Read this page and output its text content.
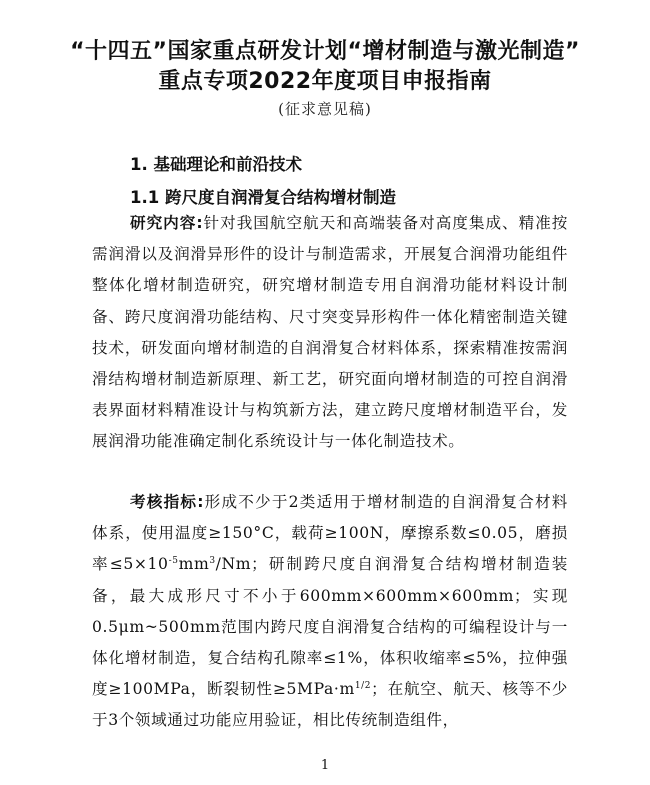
“十四五”国家重点研发计划“增材制造与激光制造”
重点专项2022年度项目申报指南
(征求意见稿)
1. 基础理论和前沿技术
1.1 跨尺度自润滑复合结构增材制造
研究内容:针对我国航空航天和高端装备对高度集成、精准按需润滑以及润滑异形件的设计与制造需求，开展复合润滑功能组件整体化增材制造研究，研究增材制造专用自润滑功能材料设计制备、跨尺度润滑功能结构、尺寸突变异形构件一体化精密制造关键技术，研发面向增材制造的自润滑复合材料体系，探索精准按需润滑结构增材制造新原理、新工艺，研究面向增材制造的可控自润滑表界面材料精准设计与构筑新方法，建立跨尺度增材制造平台，发展润滑功能准确定制化系统设计与一体化制造技术。
考核指标:形成不少于2类适用于增材制造的自润滑复合材料体系，使用温度≥150°C，载荷≥100N，摩擦系数≤0.05，磨损率$\le 5\times 10^{-5}mm^3/Nm$；研制跨尺度自润滑复合结构增材制造装备，最大成形尺寸不小于600mm×600mm×600mm；实现0.5μm~500mm范围内跨尺度自润滑复合结构的可编程设计与一体化增材制造，复合结构孔隙率≤1%，体积收缩率≤5%，拉伸强度≥100MPa，断裂韧性$\ge 5MPa\cdot m^{1/2}$；在航空、航天、核等不少于3个领域通过功能应用验证，相比传统制造组件，
1
